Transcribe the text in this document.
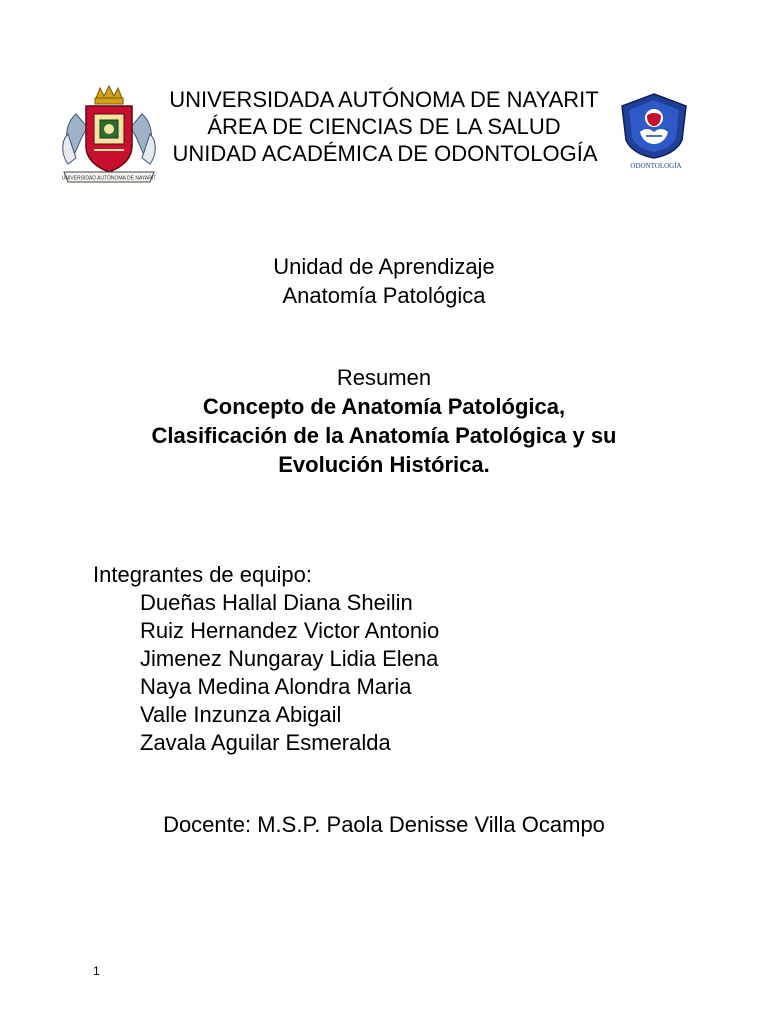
UNIVERSIDAD AUTÓNOMA DE NAYARIT
ODONTOLOGÍA
UNIVERSIDADA AUTÓNOMA DE NAYARIT
ÁREA DE CIENCIAS DE LA SALUD
UNIDAD ACADÉMICA DE ODONTOLOGÍA
Unidad de Aprendizaje
Anatomía Patológica
Resumen
Concepto de Anatomía Patológica,
Clasificación de la Anatomía Patológica y su
Evolución Histórica.
Integrantes de equipo:
Dueñas Hallal Diana Sheilin
Ruiz Hernandez Victor Antonio
Jimenez Nungaray Lidia Elena
Naya Medina Alondra Maria
Valle Inzunza Abigail
Zavala Aguilar Esmeralda
Docente: M.S.P. Paola Denisse Villa Ocampo
1
